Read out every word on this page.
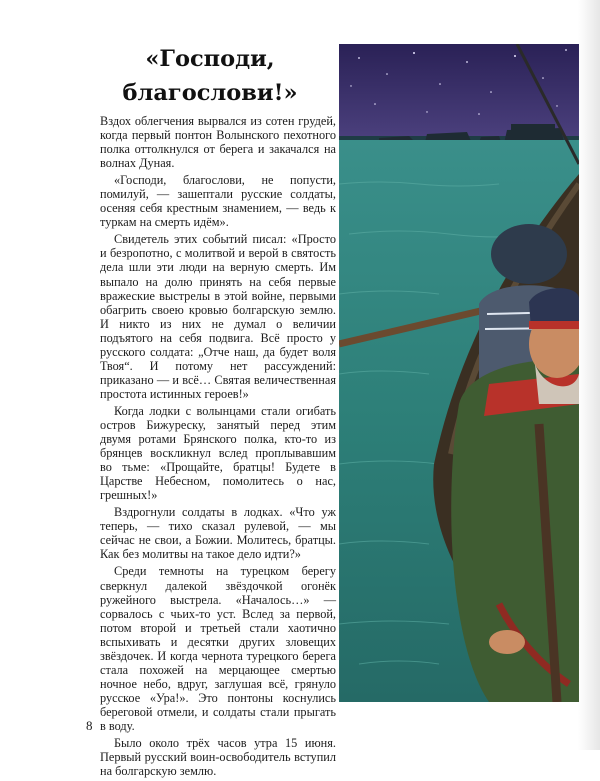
«Господи, благослови!»

Вздох облегчения вырвался из сотен грудей, когда первый понтон Волынского пехотного полка оттолкнулся от берега и закачался на волнах Дуная.

«Господи, благослови, не попусти, помилуй, — зашептали русские солдаты, осеняя себя крестным знамением, — ведь к туркам на смерть идём».

Свидетель этих событий писал: «Просто и безропотно, с молитвой и верой в святость дела шли эти люди на верную смерть. Им выпало на долю принять на себя первые вражеские выстрелы в этой войне, первыми обагрить своею кровью болгарскую землю. И никто из них не думал о величии подъятого на себя подвига. Всё просто у русского солдата: „Отче наш, да будет воля Твоя“. И потому нет рассуждений: приказано — и всё… Святая величественная простота истинных героев!»

Когда лодки с волынцами стали огибать остров Бижуреску, занятый перед этим двумя ротами Брянского полка, кто-то из брянцев воскликнул вслед проплывавшим во тьме: «Прощайте, братцы! Будете в Царстве Небесном, помолитесь о нас, грешных!»

Вздрогнули солдаты в лодках. «Что уж теперь, — тихо сказал рулевой, — мы сейчас не свои, а Божии. Молитесь, братцы. Как без молитвы на такое дело идти?»

Среди темноты на турецком берегу сверкнул далекой звёздочкой огонёк ружейного выстрела. «Началось…» — сорвалось с чьих-то уст. Вслед за первой, потом второй и третьей стали хаотично вспыхивать и десятки других зловещих звёздочек. И когда чернота турецкого берега стала похожей на мерцающее смертью ночное небо, вдруг, заглушая всё, грянуло русское «Ура!». Это понтоны коснулись береговой отмели, и солдаты стали прыгать в воду.

Было около трёх часов утра 15 июня. Первый русский воин-освободитель вступил на болгарскую землю.

8
